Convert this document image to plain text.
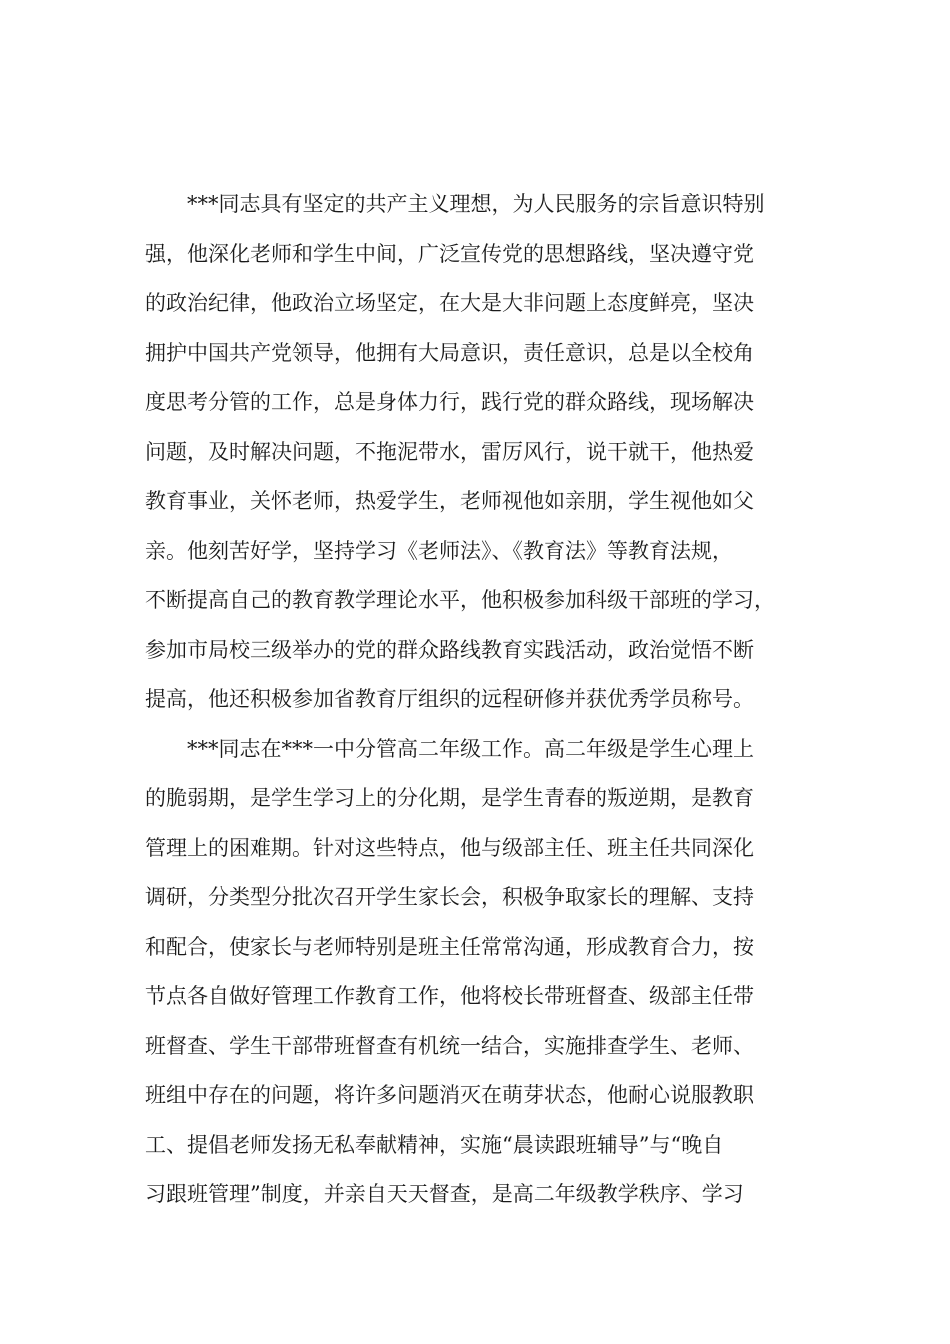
***同志具有坚定的共产主义理想，为人民服务的宗旨意识特别
强，他深化老师和学生中间，广泛宣传党的思想路线，坚决遵守党
的政治纪律，他政治立场坚定，在大是大非问题上态度鲜亮，坚决
拥护中国共产党领导，他拥有大局意识，责任意识，总是以全校角
度思考分管的工作，总是身体力行，践行党的群众路线，现场解决
问题，及时解决问题，不拖泥带水，雷厉风行，说干就干，他热爱
教育事业，关怀老师，热爱学生，老师视他如亲朋，学生视他如父
亲。他刻苦好学，坚持学习《老师法》、《教育法》等教育法规，
不断提高自己的教育教学理论水平，他积极参加科级干部班的学习，
参加市局校三级举办的党的群众路线教育实践活动，政治觉悟不断
提高，他还积极参加省教育厅组织的远程研修并获优秀学员称号。
***同志在***一中分管高二年级工作。高二年级是学生心理上
的脆弱期，是学生学习上的分化期，是学生青春的叛逆期，是教育
管理上的困难期。针对这些特点，他与级部主任、班主任共同深化
调研，分类型分批次召开学生家长会，积极争取家长的理解、支持
和配合，使家长与老师特别是班主任常常沟通，形成教育合力，按
节点各自做好管理工作教育工作，他将校长带班督查、级部主任带
班督查、学生干部带班督查有机统一结合，实施排查学生、老师、
班组中存在的问题，将许多问题消灭在萌芽状态，他耐心说服教职
工、提倡老师发扬无私奉献精神，实施“晨读跟班辅导”与“晚自
习跟班管理”制度，并亲自天天督查，是高二年级教学秩序、学习
